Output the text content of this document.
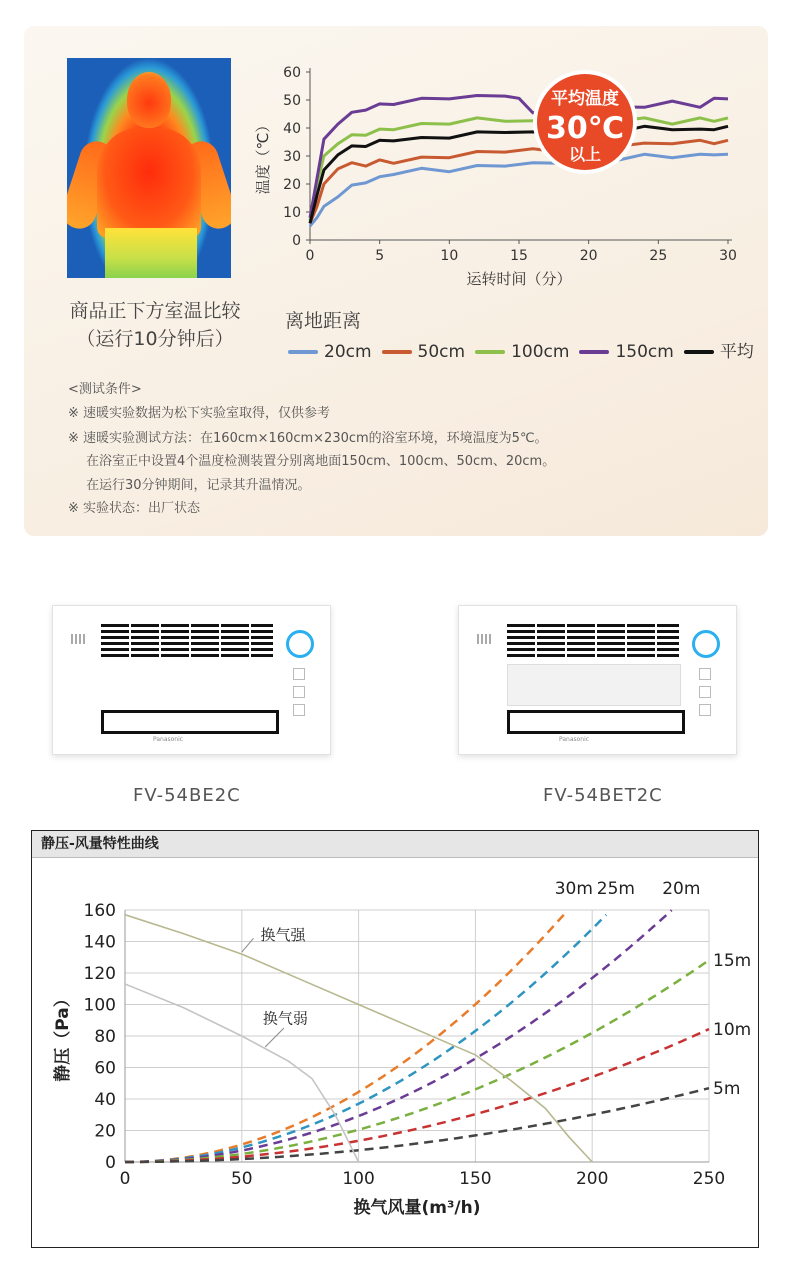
商品正下方室温比较
（运行10分钟后）
0
10
20
30
40
50
60
0	5	10	15	20	25	30
运转时间（分）
温度（℃）
平均温度
30℃
以上
离地距离
20cm	50cm	100cm	150cm	平均
<测试条件>
※ 速暖实验数据为松下实验室取得，仅供参考
※ 速暖实验测试方法：在160cm×160cm×230cm的浴室环境，环境温度为5℃。
在浴室正中设置4个温度检测装置分别离地面150cm、100cm、50cm、20cm。
在运行30分钟期间，记录其升温情况。
※ 实验状态：出厂状态
Panasonic	Panasonic
FV-54BE2C	FV-54BET2C
静压-风量特性曲线
0
20
40
60
80
100
120
140
160
0	50	100	150	200	250
换气风量(m³/h)
静压（Pa）
30m 25m 20m
15m
10m
5m
换气强
换气弱
